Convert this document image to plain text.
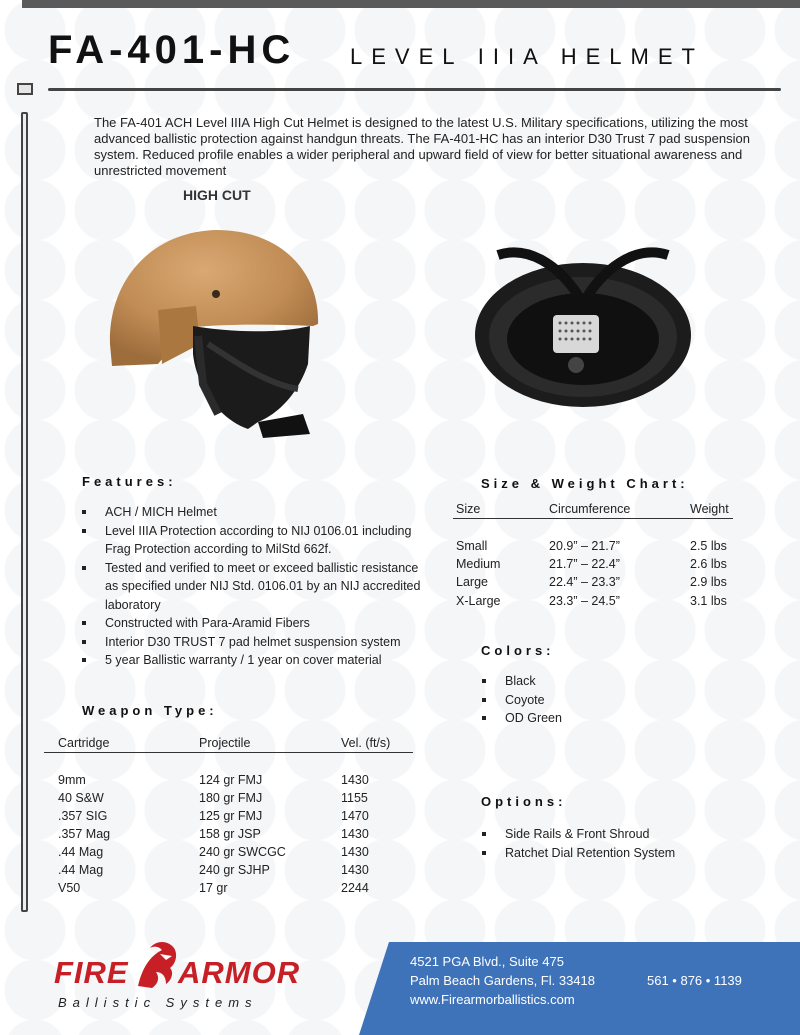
FA-401-HC LEVEL IIIA HELMET

The FA-401 ACH Level IIIA High Cut Helmet is designed to the latest U.S. Military specifications, utilizing the most advanced ballistic protection against handgun threats. The FA-401-HC has an interior D30 Trust 7 pad suspension system. Reduced profile enables a wider peripheral and upward field of view for better situational awareness and unrestricted movement

HIGH CUT
Features:
ACH / MICH Helmet
Level IIIA Protection according to NIJ 0106.01 including Frag Protection according to MilStd 662f.
Tested and verified to meet or exceed ballistic resistance as specified under NIJ Std. 0106.01 by an NIJ accredited laboratory
Constructed with Para-Aramid Fibers
Interior D30 TRUST 7 pad helmet suspension system
5 year Ballistic warranty / 1 year on cover material
Weapon Type:
Cartridge	Projectile	Vel. (ft/s)
9mm	124 gr FMJ	1430
40 S&W	180 gr FMJ	1155
.357 SIG	125 gr FMJ	1470
.357 Mag	158 gr JSP	1430
.44 Mag	240 gr SWCGC	1430
.44 Mag	240 gr SJHP	1430
V50	17 gr	2244
Size & Weight Chart:
Size	Circumference	Weight
Small	20.9” – 21.7”	2.5 lbs
Medium	21.7” – 22.4”	2.6 lbs
Large	22.4” – 23.3”	2.9 lbs
X-Large	23.3” – 24.5”	3.1 lbs
Colors:
Black
Coyote
OD Green
Options:
Side Rails & Front Shroud
Ratchet Dial Retention System
FIRE ARMOR
Ballistic Systems
4521 PGA Blvd., Suite 475
Palm Beach Gardens, Fl. 33418
www.Firearmorballistics.com
561 • 876 • 1139
